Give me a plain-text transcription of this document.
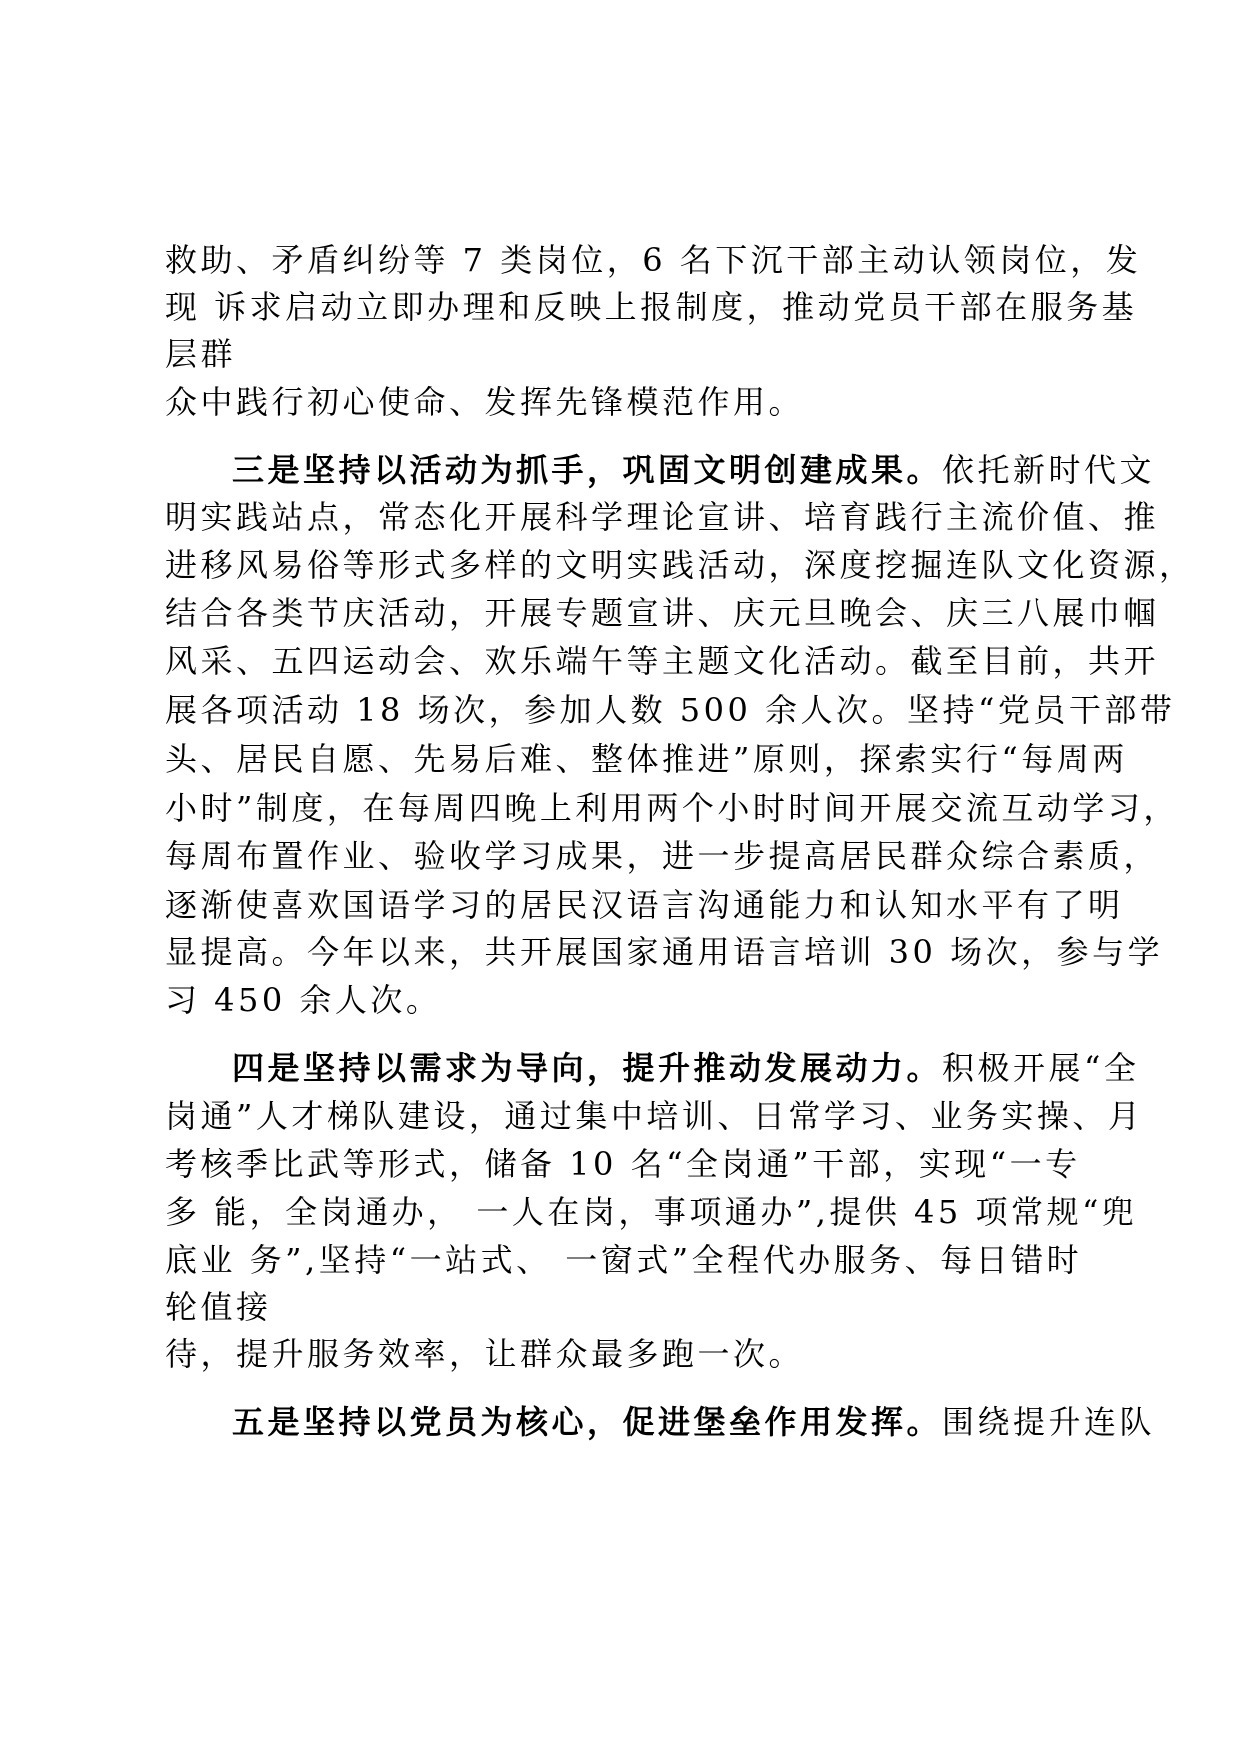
救助、矛盾纠纷等 7 类岗位，6 名下沉干部主动认领岗位，发
现 诉求启动立即办理和反映上报制度，推动党员干部在服务基
层群
众中践行初心使命、发挥先锋模范作用。
三是坚持以活动为抓手，巩固文明创建成果。依托新时代文
明实践站点，常态化开展科学理论宣讲、培育践行主流价值、推
进移风易俗等形式多样的文明实践活动，深度挖掘连队文化资源，
结合各类节庆活动，开展专题宣讲、庆元旦晚会、庆三八展巾帼
风采、五四运动会、欢乐端午等主题文化活动。截至目前，共开
展各项活动 18 场次，参加人数 500 余人次。坚持“党员干部带
头、居民自愿、先易后难、整体推进”原则，探索实行“每周两
小时”制度，在每周四晚上利用两个小时时间开展交流互动学习，
每周布置作业、验收学习成果，进一步提高居民群众综合素质，
逐渐使喜欢国语学习的居民汉语言沟通能力和认知水平有了明
显提高。今年以来，共开展国家通用语言培训 30 场次，参与学
习 450 余人次。
四是坚持以需求为导向，提升推动发展动力。积极开展“全
岗通”人才梯队建设，通过集中培训、日常学习、业务实操、月
考核季比武等形式，储备 10 名“全岗通”干部，实现“一专
多 能，全岗通办， 一人在岗，事项通办”,提供 45 项常规“兜
底业 务”,坚持“一站式、 一窗式”全程代办服务、每日错时
轮值接
待，提升服务效率，让群众最多跑一次。
五是坚持以党员为核心，促进堡垒作用发挥。围绕提升连队
